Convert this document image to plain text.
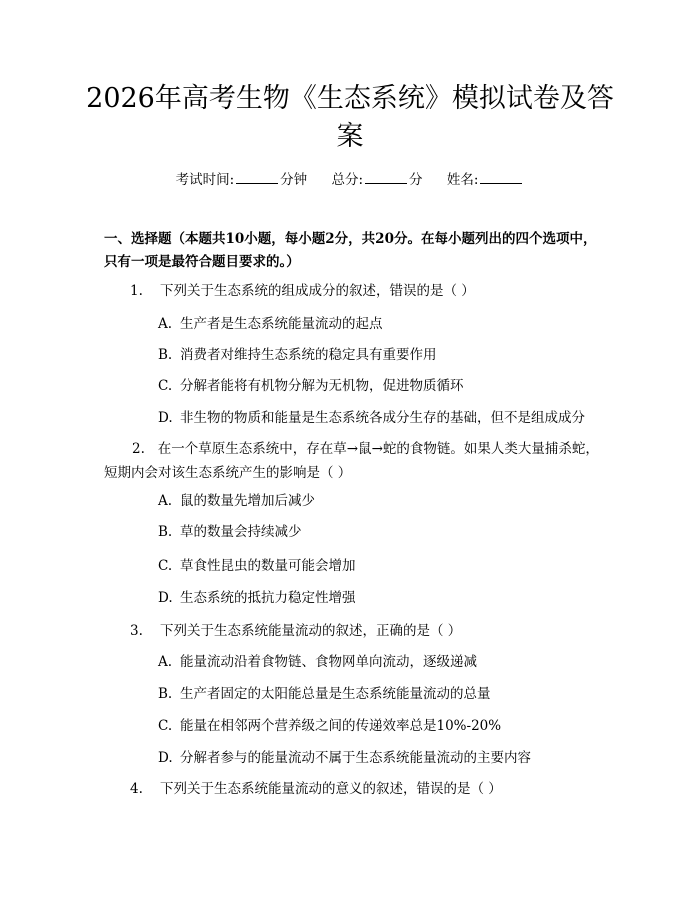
2026年高考生物《生态系统》模拟试卷及答案
考试时间:	分钟 总分:	分 姓名:
一、选择题（本题共10小题，每小题2分，共20分。在每小题列出的四个选项中，只有一项是最符合题目要求的。）
1. 下列关于生态系统的组成成分的叙述，错误的是（ ）
A. 生产者是生态系统能量流动的起点
B. 消费者对维持生态系统的稳定具有重要作用
C. 分解者能将有机物分解为无机物，促进物质循环
D. 非生物的物质和能量是生态系统各成分生存的基础，但不是组成成分
2. 在一个草原生态系统中，存在草→鼠→蛇的食物链。如果人类大量捕杀蛇，短期内会对该生态系统产生的影响是（ ）
A. 鼠的数量先增加后减少
B. 草的数量会持续减少
C. 草食性昆虫的数量可能会增加
D. 生态系统的抵抗力稳定性增强
3. 下列关于生态系统能量流动的叙述，正确的是（ ）
A. 能量流动沿着食物链、食物网单向流动，逐级递减
B. 生产者固定的太阳能总量是生态系统能量流动的总量
C. 能量在相邻两个营养级之间的传递效率总是10%-20%
D. 分解者参与的能量流动不属于生态系统能量流动的主要内容
4. 下列关于生态系统能量流动的意义的叙述，错误的是（ ）
